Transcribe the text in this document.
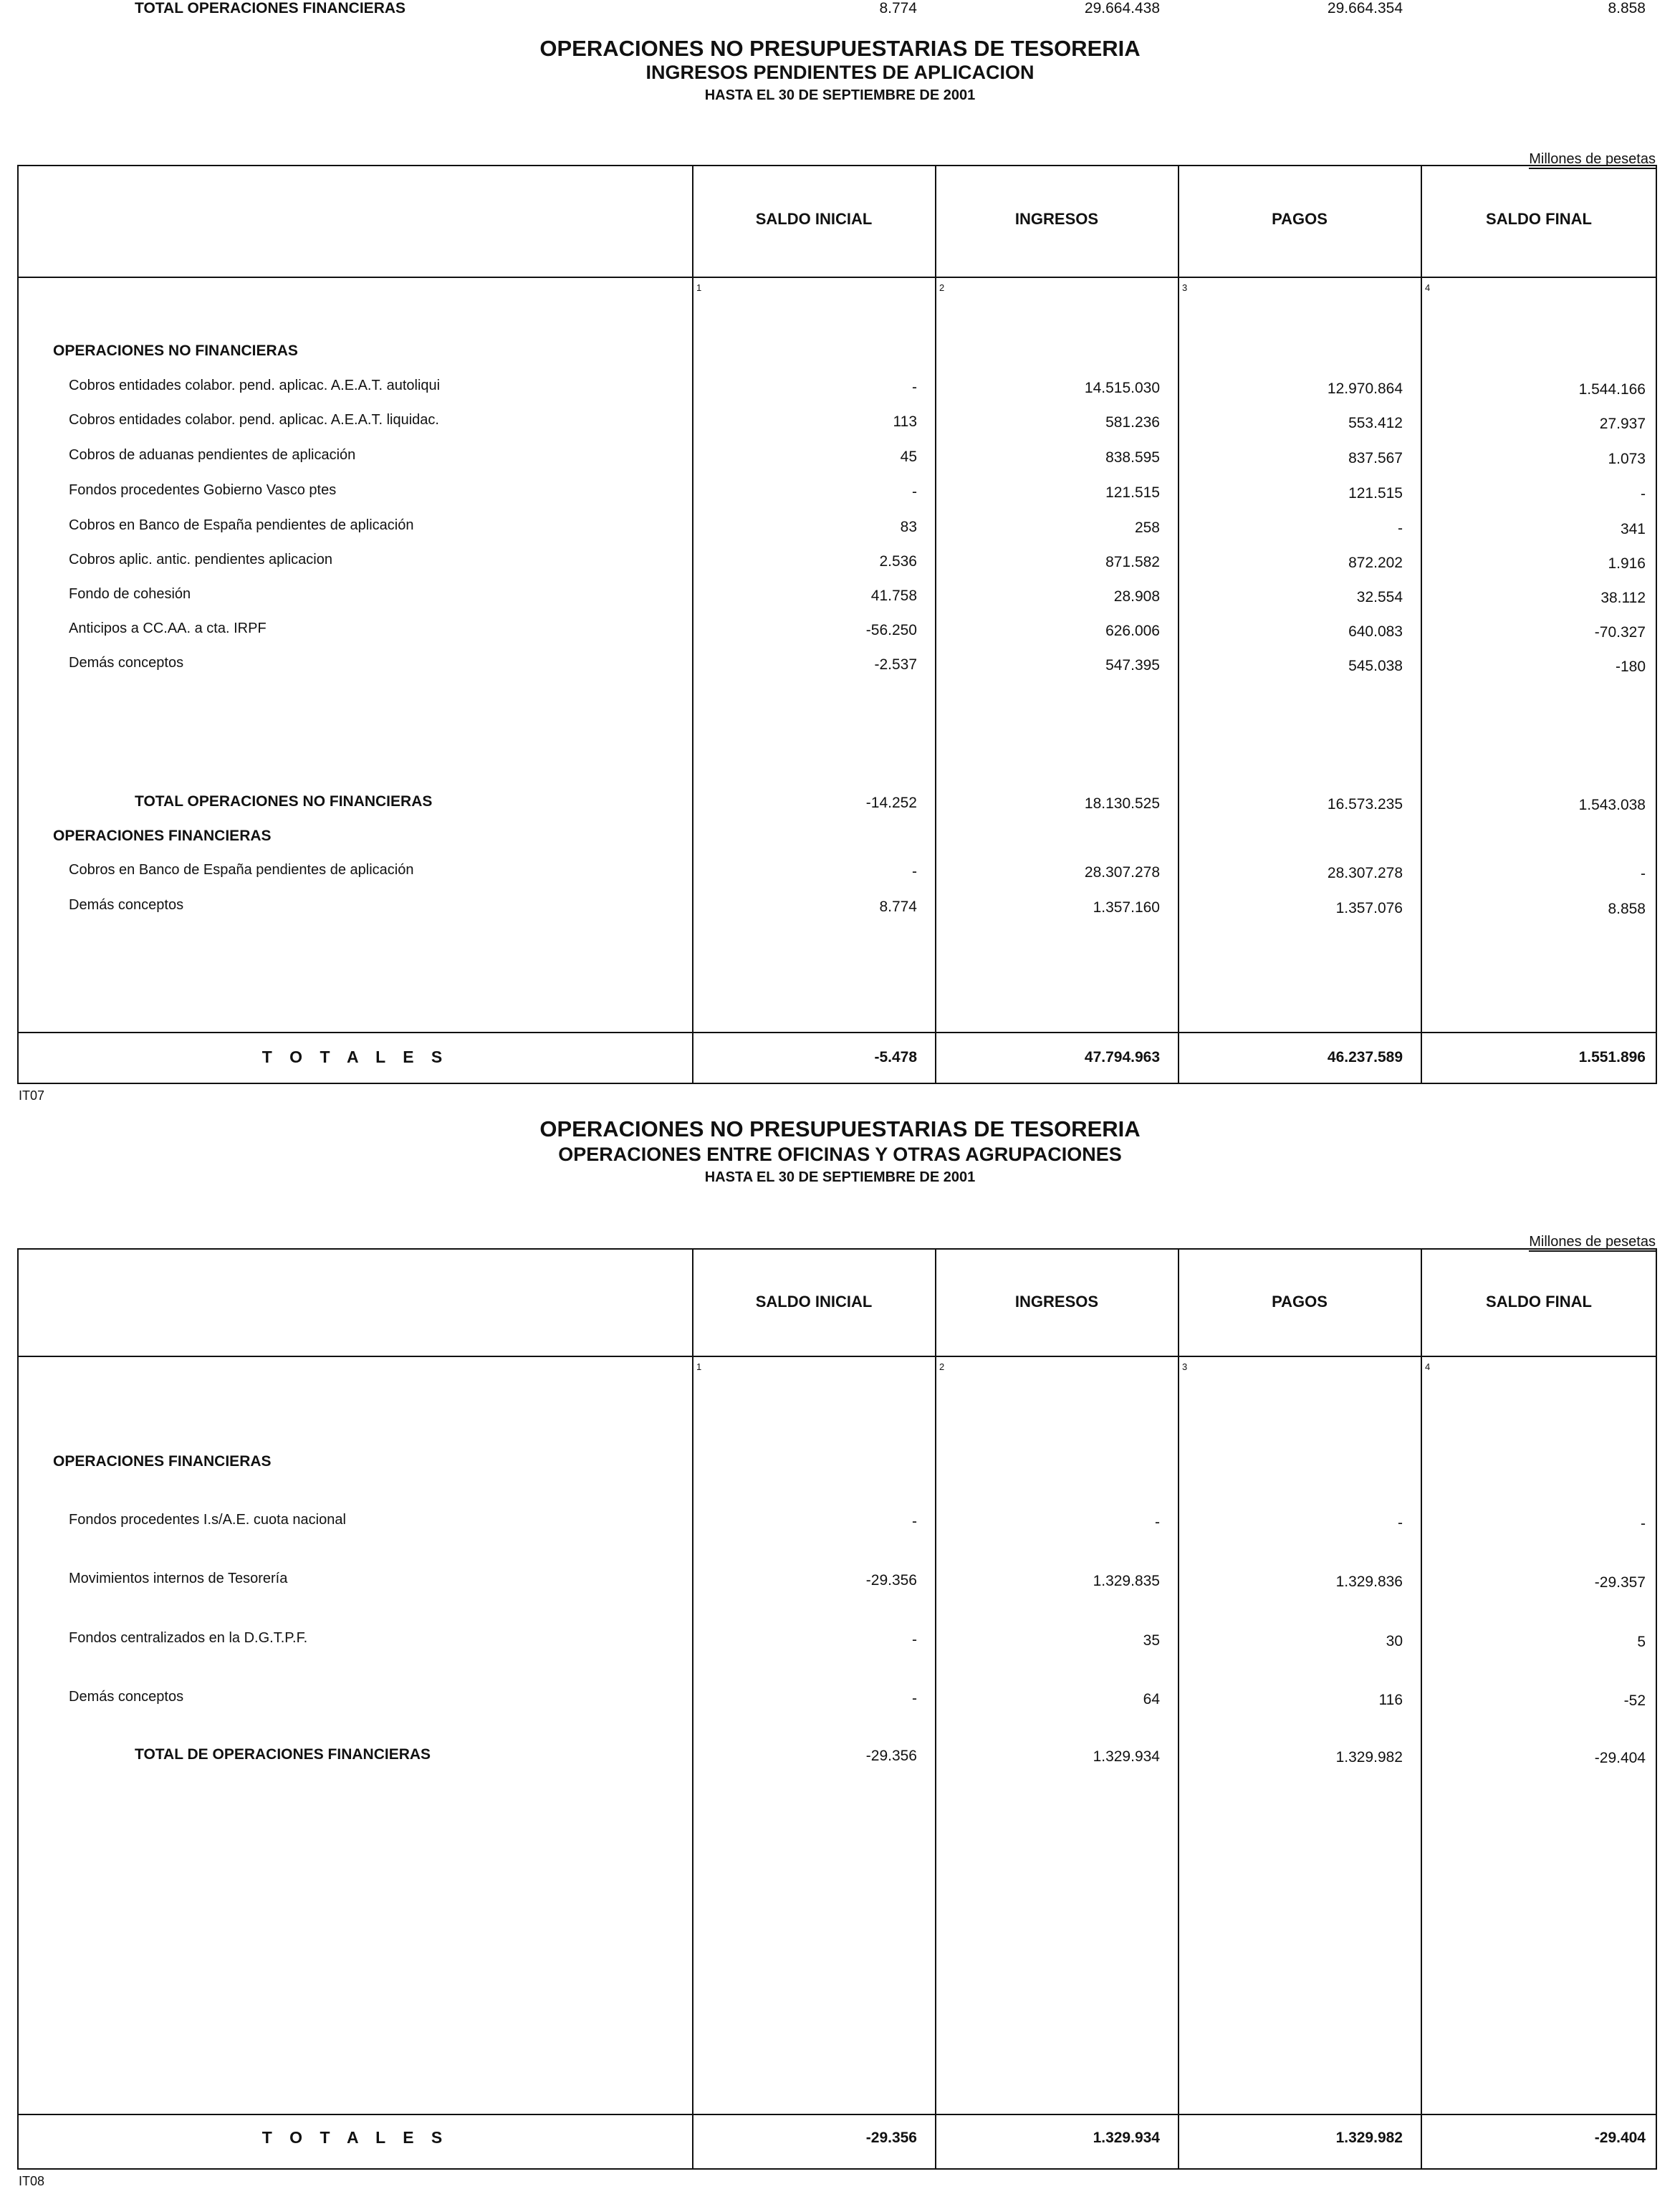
OPERACIONES NO PRESUPUESTARIAS DE TESORERIA
INGRESOS PENDIENTES DE APLICACION
HASTA EL 30 DE SEPTIEMBRE DE 2001
Millones de pesetas
SALDO INICIAL	INGRESOS	PAGOS	SALDO FINAL
1	2	3	4
OPERACIONES NO FINANCIERAS
Cobros entidades colabor. pend. aplicac. A.E.A.T. autoliqui	-	14.515.030	12.970.864	1.544.166
Cobros entidades colabor. pend. aplicac. A.E.A.T. liquidac.	113	581.236	553.412	27.937
Cobros de aduanas pendientes de aplicación	45	838.595	837.567	1.073
Fondos procedentes Gobierno Vasco ptes	-	121.515	121.515	-
Cobros en Banco de España pendientes de aplicación	83	258	-	341
Cobros aplic. antic. pendientes aplicacion	2.536	871.582	872.202	1.916
Fondo de cohesión	41.758	28.908	32.554	38.112
Anticipos a CC.AA. a cta. IRPF	-56.250	626.006	640.083	-70.327
Demás conceptos	-2.537	547.395	545.038	-180
TOTAL OPERACIONES NO FINANCIERAS	-14.252	18.130.525	16.573.235	1.543.038
OPERACIONES FINANCIERAS
Cobros en Banco de España pendientes de aplicación	-	28.307.278	28.307.278	-
Demás conceptos	8.774	1.357.160	1.357.076	8.858
TOTAL OPERACIONES FINANCIERAS	8.774	29.664.438	29.664.354	8.858
T O T A L E S	-5.478	47.794.963	46.237.589	1.551.896
IT07
OPERACIONES NO PRESUPUESTARIAS DE TESORERIA
OPERACIONES ENTRE OFICINAS Y OTRAS AGRUPACIONES
HASTA EL 30 DE SEPTIEMBRE DE 2001
Millones de pesetas
SALDO INICIAL	INGRESOS	PAGOS	SALDO FINAL
1	2	3	4
OPERACIONES FINANCIERAS
Fondos procedentes I.s/A.E. cuota nacional	-	-	-	-
Movimientos internos de Tesorería	-29.356	1.329.835	1.329.836	-29.357
Fondos centralizados en la D.G.T.P.F.	-	35	30	5
Demás conceptos	-	64	116	-52
TOTAL DE OPERACIONES FINANCIERAS	-29.356	1.329.934	1.329.982	-29.404
T O T A L E S	-29.356	1.329.934	1.329.982	-29.404
IT08
